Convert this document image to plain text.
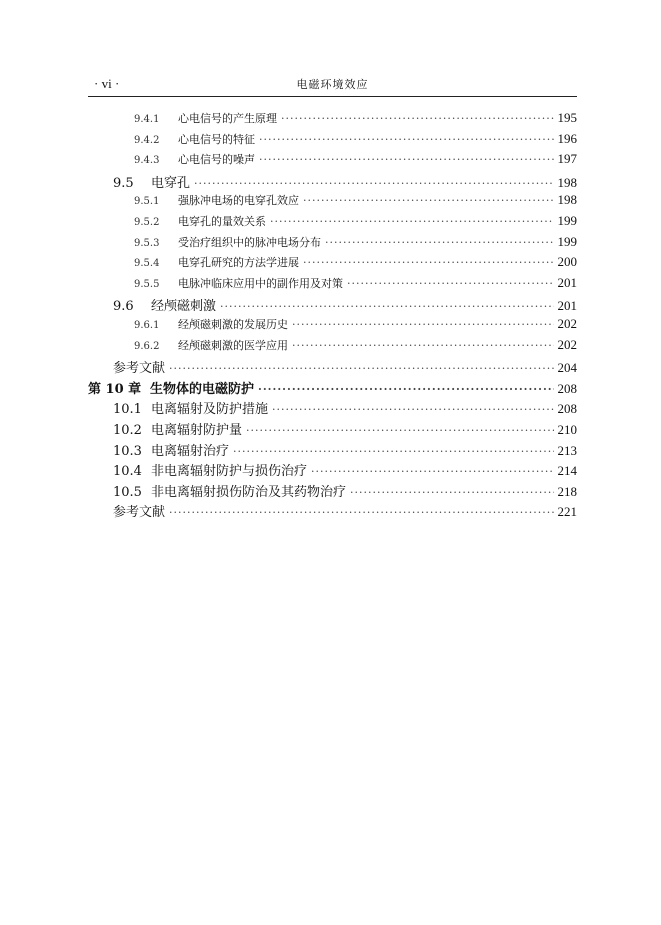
· vi ·	电磁环境效应
9.4.1	心电信号的产生原理 ·····	195
9.4.2	心电信号的特征 ·····	196
9.4.3	心电信号的噪声 ·····	197
9.5	电穿孔 ·····	198
9.5.1	强脉冲电场的电穿孔效应 ·····	198
9.5.2	电穿孔的量效关系 ·····	199
9.5.3	受治疗组织中的脉冲电场分布 ·····	199
9.5.4	电穿孔研究的方法学进展 ·····	200
9.5.5	电脉冲临床应用中的副作用及对策 ·····	201
9.6	经颅磁刺激 ·····	201
9.6.1	经颅磁刺激的发展历史 ·····	202
9.6.2	经颅磁刺激的医学应用 ·····	202
参考文献 ·····	204
第 10 章 生物体的电磁防护 ·····	208
10.1 电离辐射及防护措施 ·····	208
10.2 电离辐射防护量 ·····	210
10.3 电离辐射治疗 ·····	213
10.4 非电离辐射防护与损伤治疗 ·····	214
10.5 非电离辐射损伤防治及其药物治疗 ·····	218
参考文献 ·····	221
